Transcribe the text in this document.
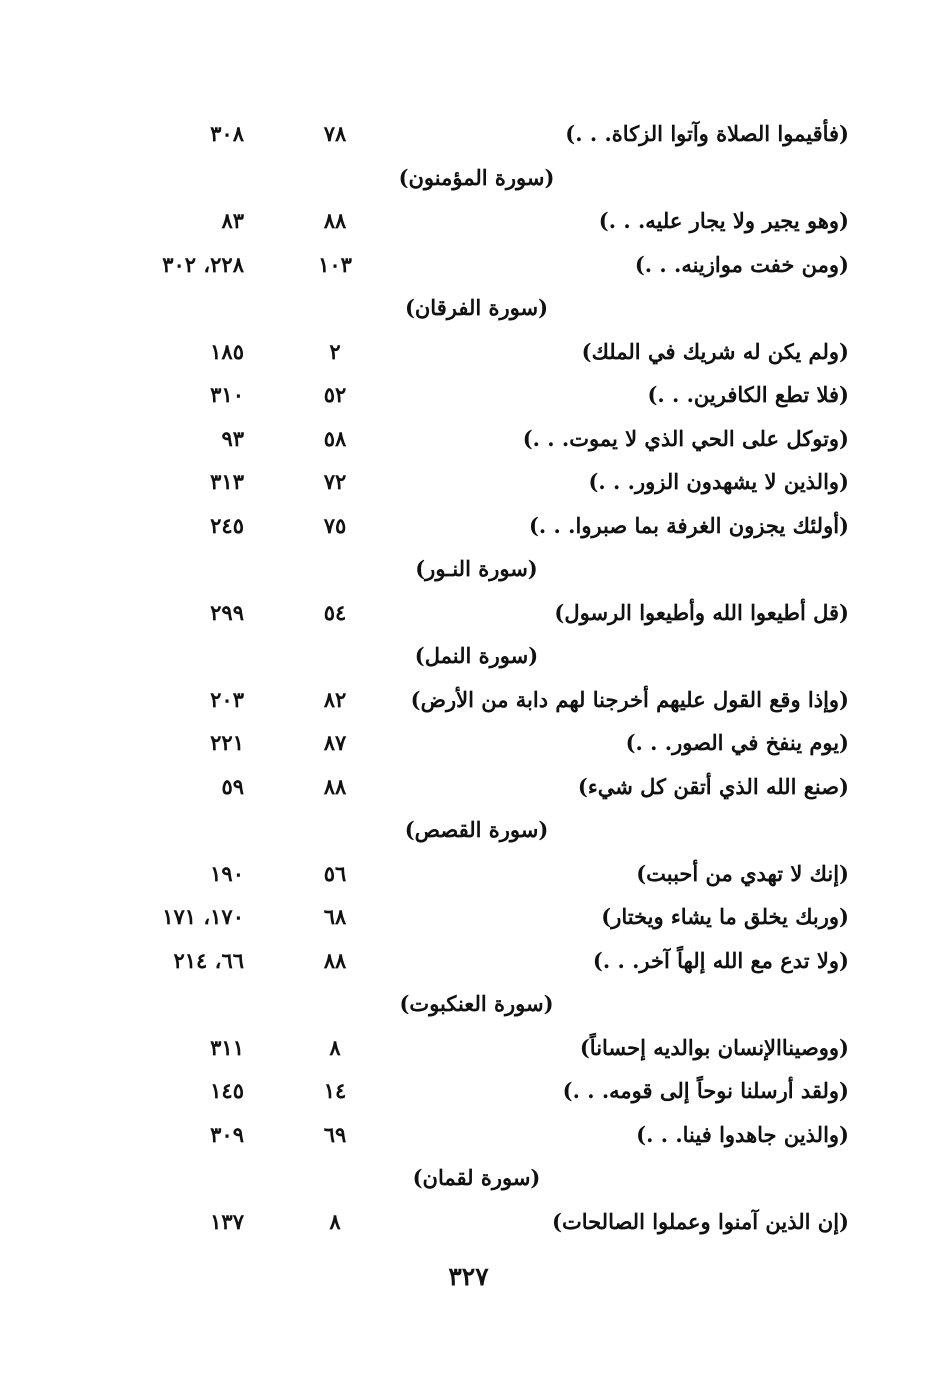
(فأقيموا الصلاة وآتوا الزكاة. . .)
٧٨
٣٠٨
(سورة المؤمنون)
(وهو يجير ولا يجار عليه. . .)
٨٨
٨٣
(ومن خفت موازينه. . .)
١٠٣
٢٢٨، ٣٠٢
(سورة الفرقان)
(ولم يكن له شريك في الملك)
٢
١٨٥
(فلا تطع الكافرين. . .)
٥٢
٣١٠
(وتوكل على الحي الذي لا يموت. . .)
٥٨
٩٣
(والذين لا يشهدون الزور. . .)
٧٢
٣١٣
(أولئك يجزون الغرفة بما صبروا. . .)
٧٥
٢٤٥
(سورة النـور)
(قل أطيعوا الله وأطيعوا الرسول)
٥٤
٢٩٩
(سورة النمل)
(وإذا وقع القول عليهم أخرجنا لهم دابة من الأرض)
٨٢
٢٠٣
(يوم ينفخ في الصور. . .)
٨٧
٢٢١
(صنع الله الذي أتقن كل شيء)
٨٨
٥٩
(سورة القصص)
(إنك لا تهدي من أحببت)
٥٦
١٩٠
(وربك يخلق ما يشاء ويختار)
٦٨
١٧٠، ١٧١
(ولا تدع مع الله إلهاً آخر. . .)
٨٨
٦٦، ٢١٤
(سورة العنكبوت)
(ووصيناالإنسان بوالديه إحساناً)
٨
٣١١
(ولقد أرسلنا نوحاً إلى قومه. . .)
١٤
١٤٥
(والذين جاهدوا فينا. . .)
٦٩
٣٠٩
(سورة لقمان)
(إن الذين آمنوا وعملوا الصالحات)
٨
١٣٧
٣٢٧
